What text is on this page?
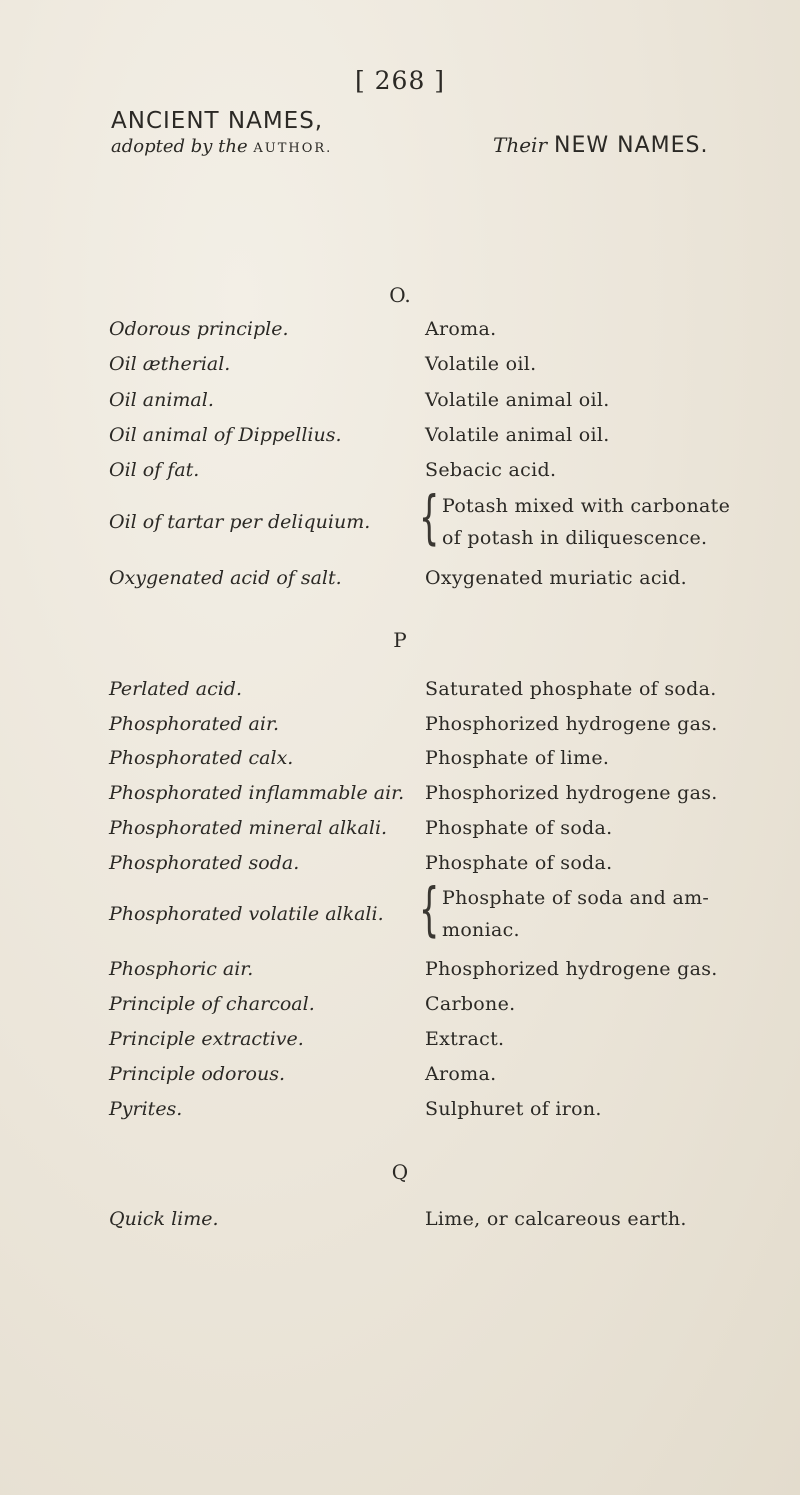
[ 268 ]
ANCIENT NAMES,
adopted by the AUTHOR.	Their NEW NAMES.
O.
Odorous principle.	Aroma.
Oil ætherial.	Volatile oil.
Oil animal.	Volatile animal oil.
Oil animal of Dippellius.	Volatile animal oil.
Oil of fat.	Sebacic acid.
Oil of tartar per deliquium. { Potash mixed with carbonate
of potash in diliquescence.
Oxygenated acid of salt.	Oxygenated muriatic acid.
P
Perlated acid.	Saturated phosphate of soda.
Phosphorated air.	Phosphorized hydrogene gas.
Phosphorated calx.	Phosphate of lime.
Phosphorated inflammable air. Phosphorized hydrogene gas.
Phosphorated mineral alkali. Phosphate of soda.
Phosphorated soda.	Phosphate of soda.
Phosphorated volatile alkali. { Phosphate of soda and am-
moniac.
Phosphoric air.	Phosphorized hydrogene gas.
Principle of charcoal.	Carbone.
Principle extractive.	Extract.
Principle odorous.	Aroma.
Pyrites.	Sulphuret of iron.
Q
Quick lime.	Lime, or calcareous earth.
